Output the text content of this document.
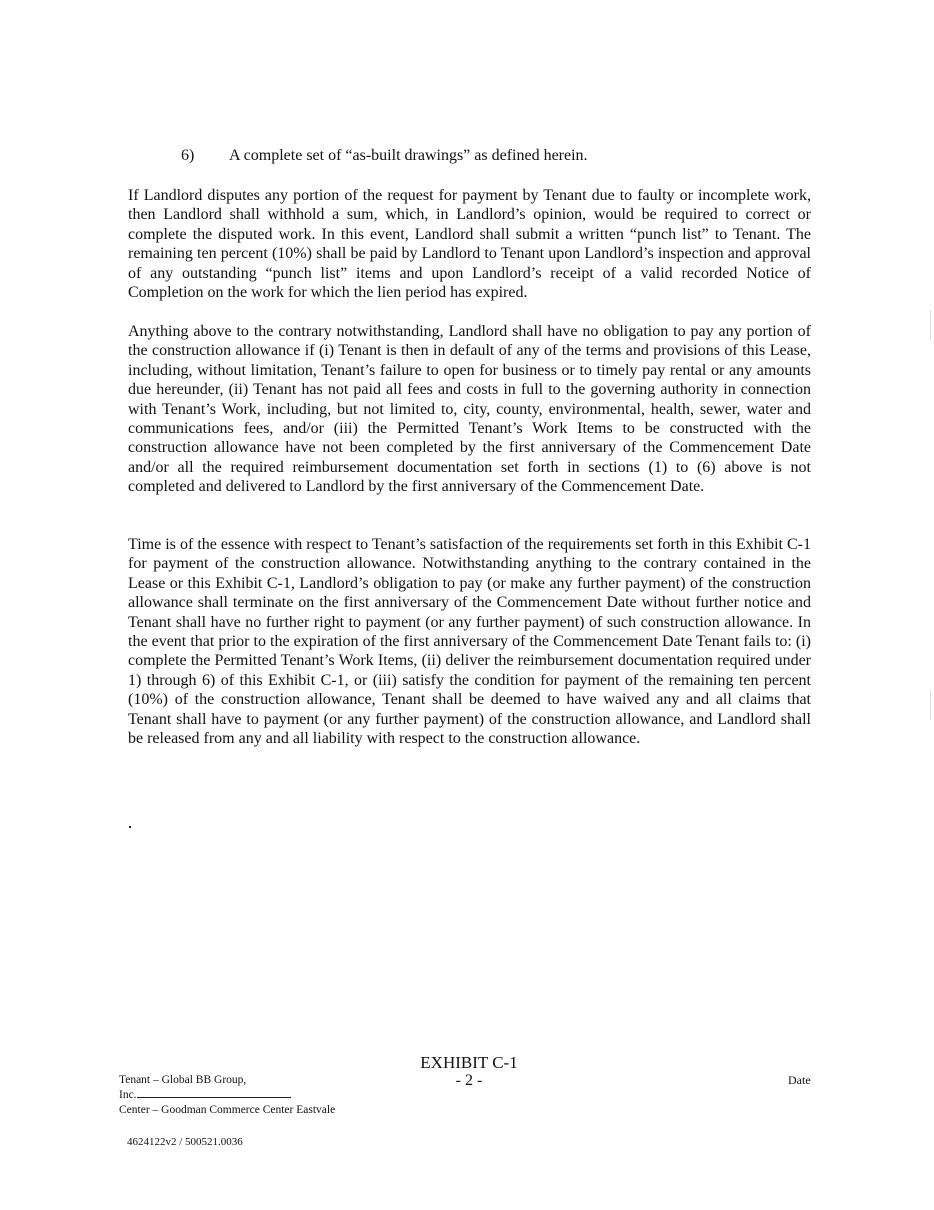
6) A complete set of “as-built drawings” as defined herein.

If Landlord disputes any portion of the request for payment by Tenant due to faulty or incomplete work, then Landlord shall withhold a sum, which, in Landlord’s opinion, would be required to correct or complete the disputed work. In this event, Landlord shall submit a written “punch list” to Tenant. The remaining ten percent (10%) shall be paid by Landlord to Tenant upon Landlord’s inspection and approval of any outstanding “punch list” items and upon Landlord’s receipt of a valid recorded Notice of Completion on the work for which the lien period has expired.

Anything above to the contrary notwithstanding, Landlord shall have no obligation to pay any portion of the construction allowance if (i) Tenant is then in default of any of the terms and provisions of this Lease, including, without limitation, Tenant’s failure to open for business or to timely pay rental or any amounts due hereunder, (ii) Tenant has not paid all fees and costs in full to the governing authority in connection with Tenant’s Work, including, but not limited to, city, county, environmental, health, sewer, water and communications fees, and/or (iii) the Permitted Tenant’s Work Items to be constructed with the construction allowance have not been completed by the first anniversary of the Commencement Date and/or all the required reimbursement documentation set forth in sections (1) to (6) above is not completed and delivered to Landlord by the first anniversary of the Commencement Date.

Time is of the essence with respect to Tenant’s satisfaction of the requirements set forth in this Exhibit C-1 for payment of the construction allowance. Notwithstanding anything to the contrary contained in the Lease or this Exhibit C-1, Landlord’s obligation to pay (or make any further payment) of the construction allowance shall terminate on the first anniversary of the Commencement Date without further notice and Tenant shall have no further right to payment (or any further payment) of such construction allowance. In the event that prior to the expiration of the first anniversary of the Commencement Date Tenant fails to: (i) complete the Permitted Tenant’s Work Items, (ii) deliver the reimbursement documentation required under 1) through 6) of this Exhibit C-1, or (iii) satisfy the condition for payment of the remaining ten percent (10%) of the construction allowance, Tenant shall be deemed to have waived any and all claims that Tenant shall have to payment (or any further payment) of the construction allowance, and Landlord shall be released from any and all liability with respect to the construction allowance.

EXHIBIT C-1
- 2 -	Date
Tenant – Global BB Group,
Inc.
Center – Goodman Commerce Center Eastvale
4624122v2 / 500521.0036
